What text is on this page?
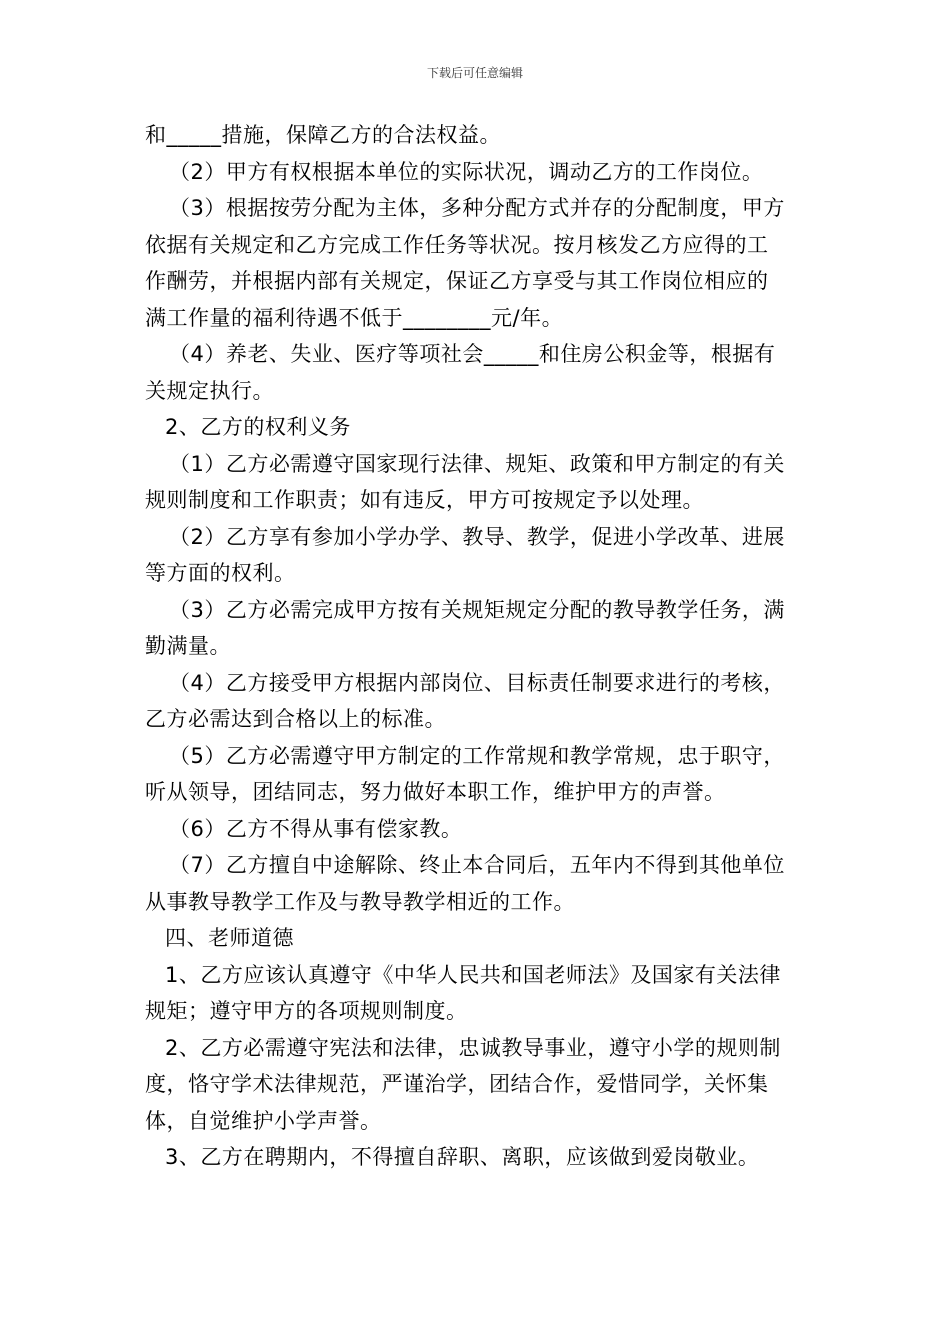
下载后可任意编辑

和_____措施，保障乙方的合法权益。

（2）甲方有权根据本单位的实际状况，调动乙方的工作岗位。

（3）根据按劳分配为主体，多种分配方式并存的分配制度，甲方
依据有关规定和乙方完成工作任务等状况。按月核发乙方应得的工
作酬劳，并根据内部有关规定，保证乙方享受与其工作岗位相应的
满工作量的福利待遇不低于________元/年。

（4）养老、失业、医疗等项社会_____和住房公积金等，根据有
关规定执行。

2、乙方的权利义务

（1）乙方必需遵守国家现行法律、规矩、政策和甲方制定的有关
规则制度和工作职责；如有违反，甲方可按规定予以处理。

（2）乙方享有参加小学办学、教导、教学，促进小学改革、进展
等方面的权利。

（3）乙方必需完成甲方按有关规矩规定分配的教导教学任务，满
勤满量。

（4）乙方接受甲方根据内部岗位、目标责任制要求进行的考核，
乙方必需达到合格以上的标准。

（5）乙方必需遵守甲方制定的工作常规和教学常规，忠于职守，
听从领导，团结同志，努力做好本职工作，维护甲方的声誉。

（6）乙方不得从事有偿家教。

（7）乙方擅自中途解除、终止本合同后，五年内不得到其他单位
从事教导教学工作及与教导教学相近的工作。

四、老师道德

1、乙方应该认真遵守《中华人民共和国老师法》及国家有关法律
规矩；遵守甲方的各项规则制度。

2、乙方必需遵守宪法和法律，忠诚教导事业，遵守小学的规则制
度，恪守学术法律规范，严谨治学，团结合作，爱惜同学，关怀集
体，自觉维护小学声誉。

3、乙方在聘期内，不得擅自辞职、离职，应该做到爱岗敬业。
